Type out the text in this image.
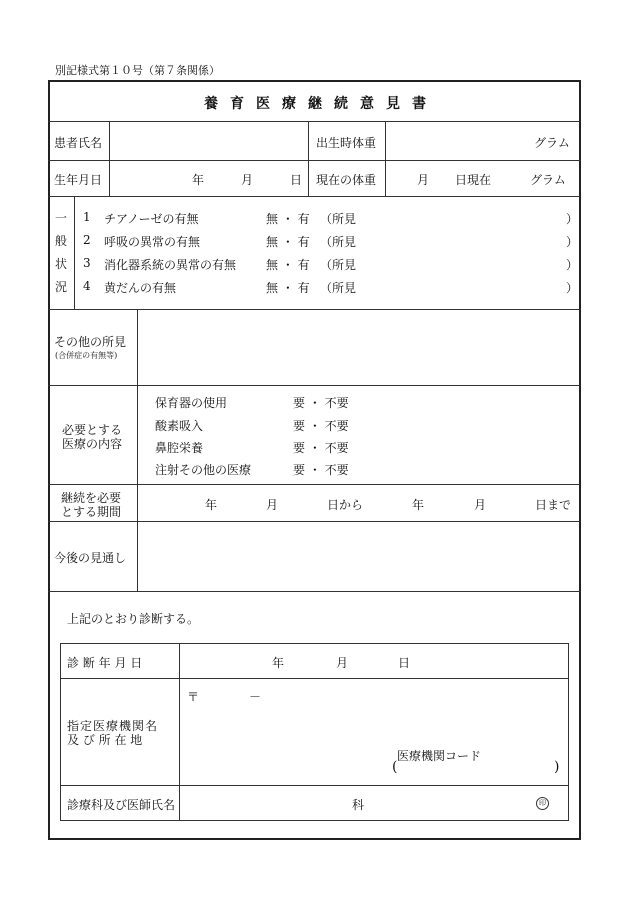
別記様式第１０号（第７条関係）
養育医療継続意見書
患者氏名	出生時体重	グラム
生年月日	年	月	日 現在の体重	月 日現在	グラム
一
般
状
況
1 チアノーゼの有無	無 ・ 有 （所見	）
2 呼吸の異常の有無	無 ・ 有 （所見	）
3 消化器系統の異常の有無 無 ・ 有 （所見	）
4 黄だんの有無	無 ・ 有 （所見	）
その他の所見
(合併症の有無等)
必要とする
医療の内容
保育器の使用	要 ・ 不要
酸素吸入	要 ・ 不要
鼻腔栄養	要 ・ 不要
注射その他の医療	要 ・ 不要
継続を必要
とする期間	年	月	日から	年	月	日まで
今後の見通し
上記のとおり診断する。
診 断 年 月 日	年	月	日
指定医療機関名
及 び 所 在 地
〒	－
医療機関コード
(	)
診療科及び医師氏名	科	印
